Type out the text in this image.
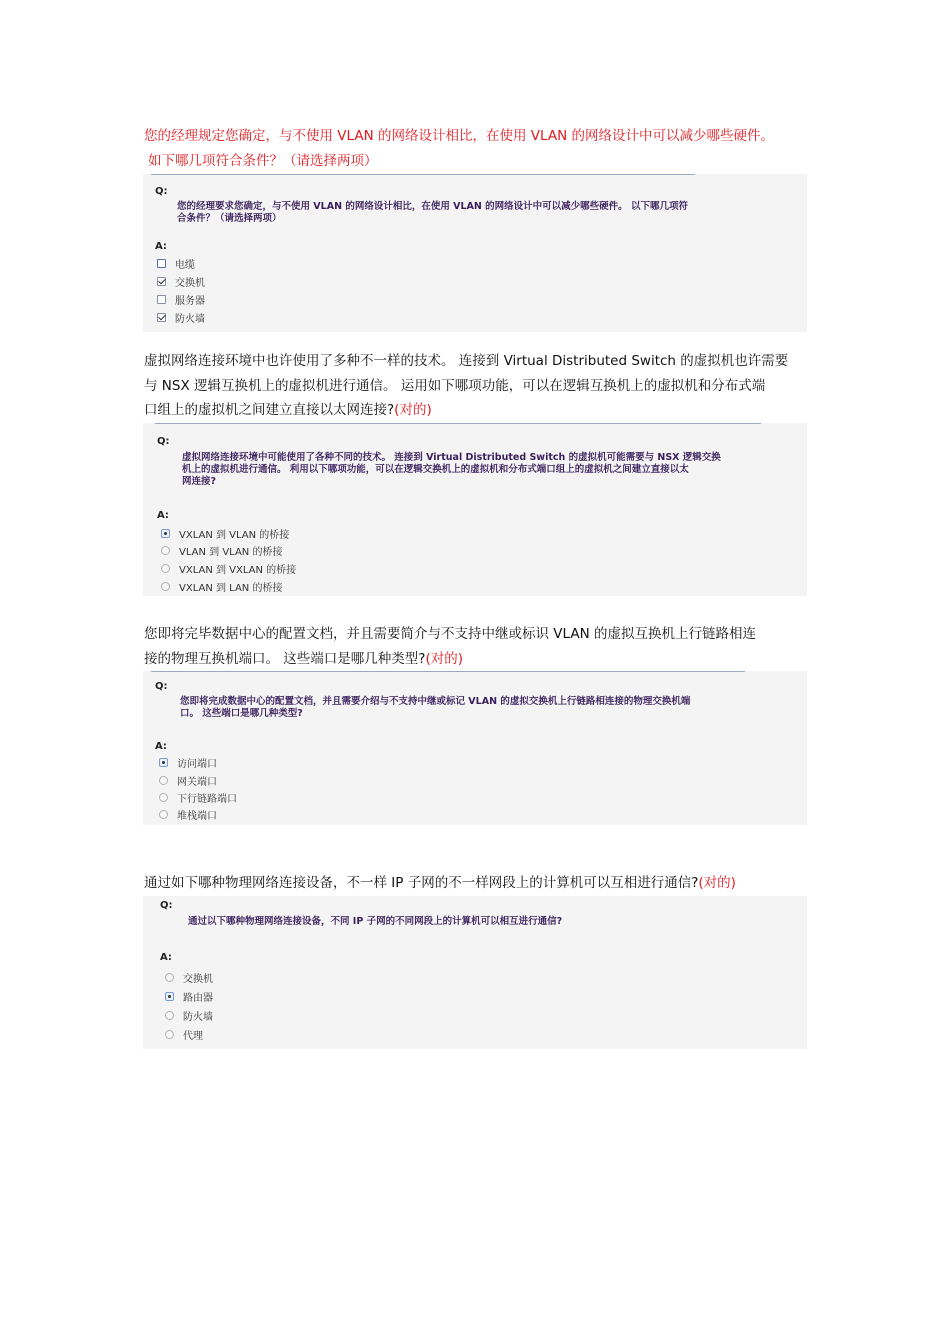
您的经理规定您确定，与不使用 VLAN 的网络设计相比，在使用 VLAN 的网络设计中可以减少哪些硬件。
如下哪几项符合条件？（请选择两项）
Q:
您的经理要求您确定，与不使用 VLAN 的网络设计相比，在使用 VLAN 的网络设计中可以减少哪些硬件。 以下哪几项符
合条件？（请选择两项）
A:
电缆
交换机
服务器
防火墙
虚拟网络连接环境中也许使用了多种不一样的技术。 连接到 Virtual Distributed Switch 的虚拟机也许需要
与 NSX 逻辑互换机上的虚拟机进行通信。 运用如下哪项功能，可以在逻辑互换机上的虚拟机和分布式端
口组上的虚拟机之间建立直接以太网连接?(对的)
Q:
虚拟网络连接环境中可能使用了各种不同的技术。 连接到 Virtual Distributed Switch 的虚拟机可能需要与 NSX 逻辑交换
机上的虚拟机进行通信。 利用以下哪项功能，可以在逻辑交换机上的虚拟机和分布式端口组上的虚拟机之间建立直接以太
网连接?
A:
VXLAN 到 VLAN 的桥接
VLAN 到 VLAN 的桥接
VXLAN 到 VXLAN 的桥接
VXLAN 到 LAN 的桥接
您即将完毕数据中心的配置文档，并且需要简介与不支持中继或标识 VLAN 的虚拟互换机上行链路相连
接的物理互换机端口。 这些端口是哪几种类型?(对的)
Q:
您即将完成数据中心的配置文档，并且需要介绍与不支持中继或标记 VLAN 的虚拟交换机上行链路相连接的物理交换机端
口。 这些端口是哪几种类型?
A:
访问端口
网关端口
下行链路端口
堆栈端口
通过如下哪种物理网络连接设备，不一样 IP 子网的不一样网段上的计算机可以互相进行通信?(对的)
Q:
通过以下哪种物理网络连接设备，不同 IP 子网的不同网段上的计算机可以相互进行通信?
A:
交换机
路由器
防火墙
代理
